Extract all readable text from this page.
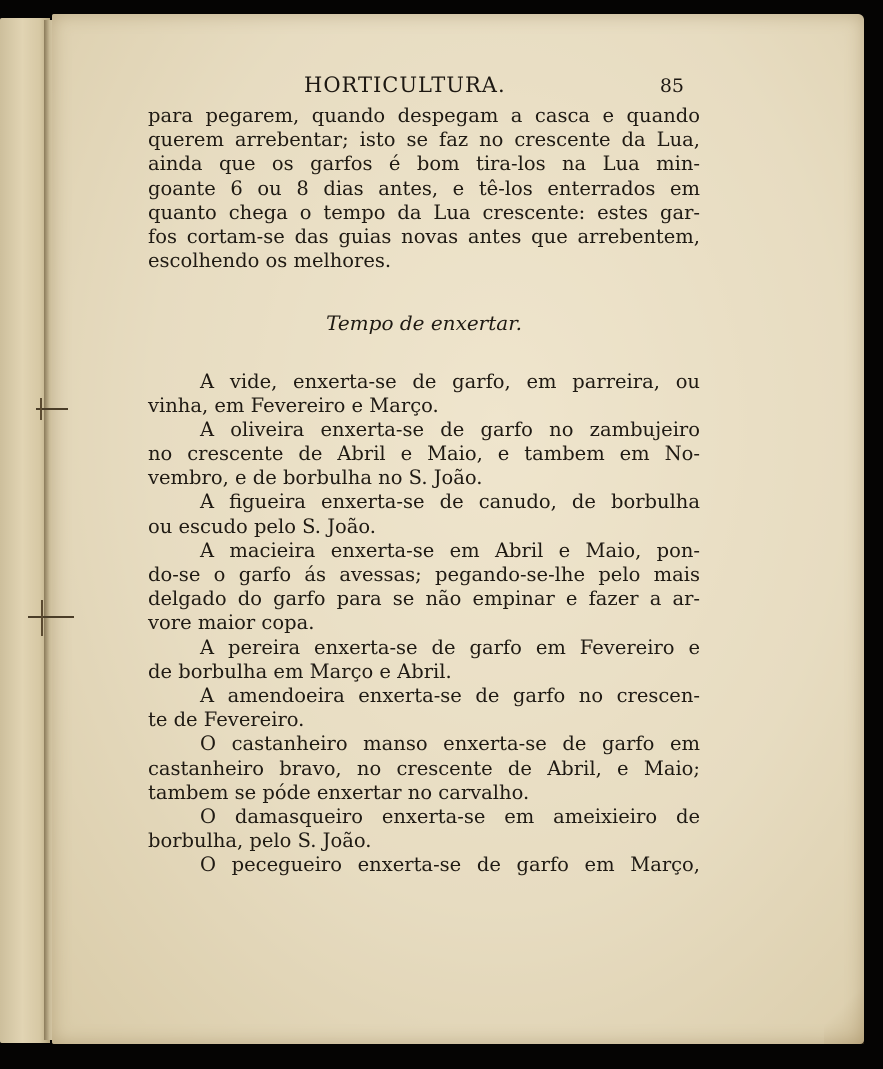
HORTICULTURA.	85
para pegarem, quando despegam a casca e quando
querem arrebentar; isto se faz no crescente da Lua,
ainda que os garfos é bom tira-los na Lua min-
goante 6 ou 8 dias antes, e tê-los enterrados em
quanto chega o tempo da Lua crescente: estes gar-
fos cortam-se das guias novas antes que arrebentem,
escolhendo os melhores.
Tempo de enxertar.
A vide, enxerta-se de garfo, em parreira, ou
vinha, em Fevereiro e Março.
A oliveira enxerta-se de garfo no zambujeiro
no crescente de Abril e Maio, e tambem em No-
vembro, e de borbulha no S. João.
A figueira enxerta-se de canudo, de borbulha
ou escudo pelo S. João.
A macieira enxerta-se em Abril e Maio, pon-
do-se o garfo ás avessas; pegando-se-lhe pelo mais
delgado do garfo para se não empinar e fazer a ar-
vore maior copa.
A pereira enxerta-se de garfo em Fevereiro e
de borbulha em Março e Abril.
A amendoeira enxerta-se de garfo no crescen-
te de Fevereiro.
O castanheiro manso enxerta-se de garfo em
castanheiro bravo, no crescente de Abril, e Maio;
tambem se póde enxertar no carvalho.
O damasqueiro enxerta-se em ameixieiro de
borbulha, pelo S. João.
O pecegueiro enxerta-se de garfo em Março,
